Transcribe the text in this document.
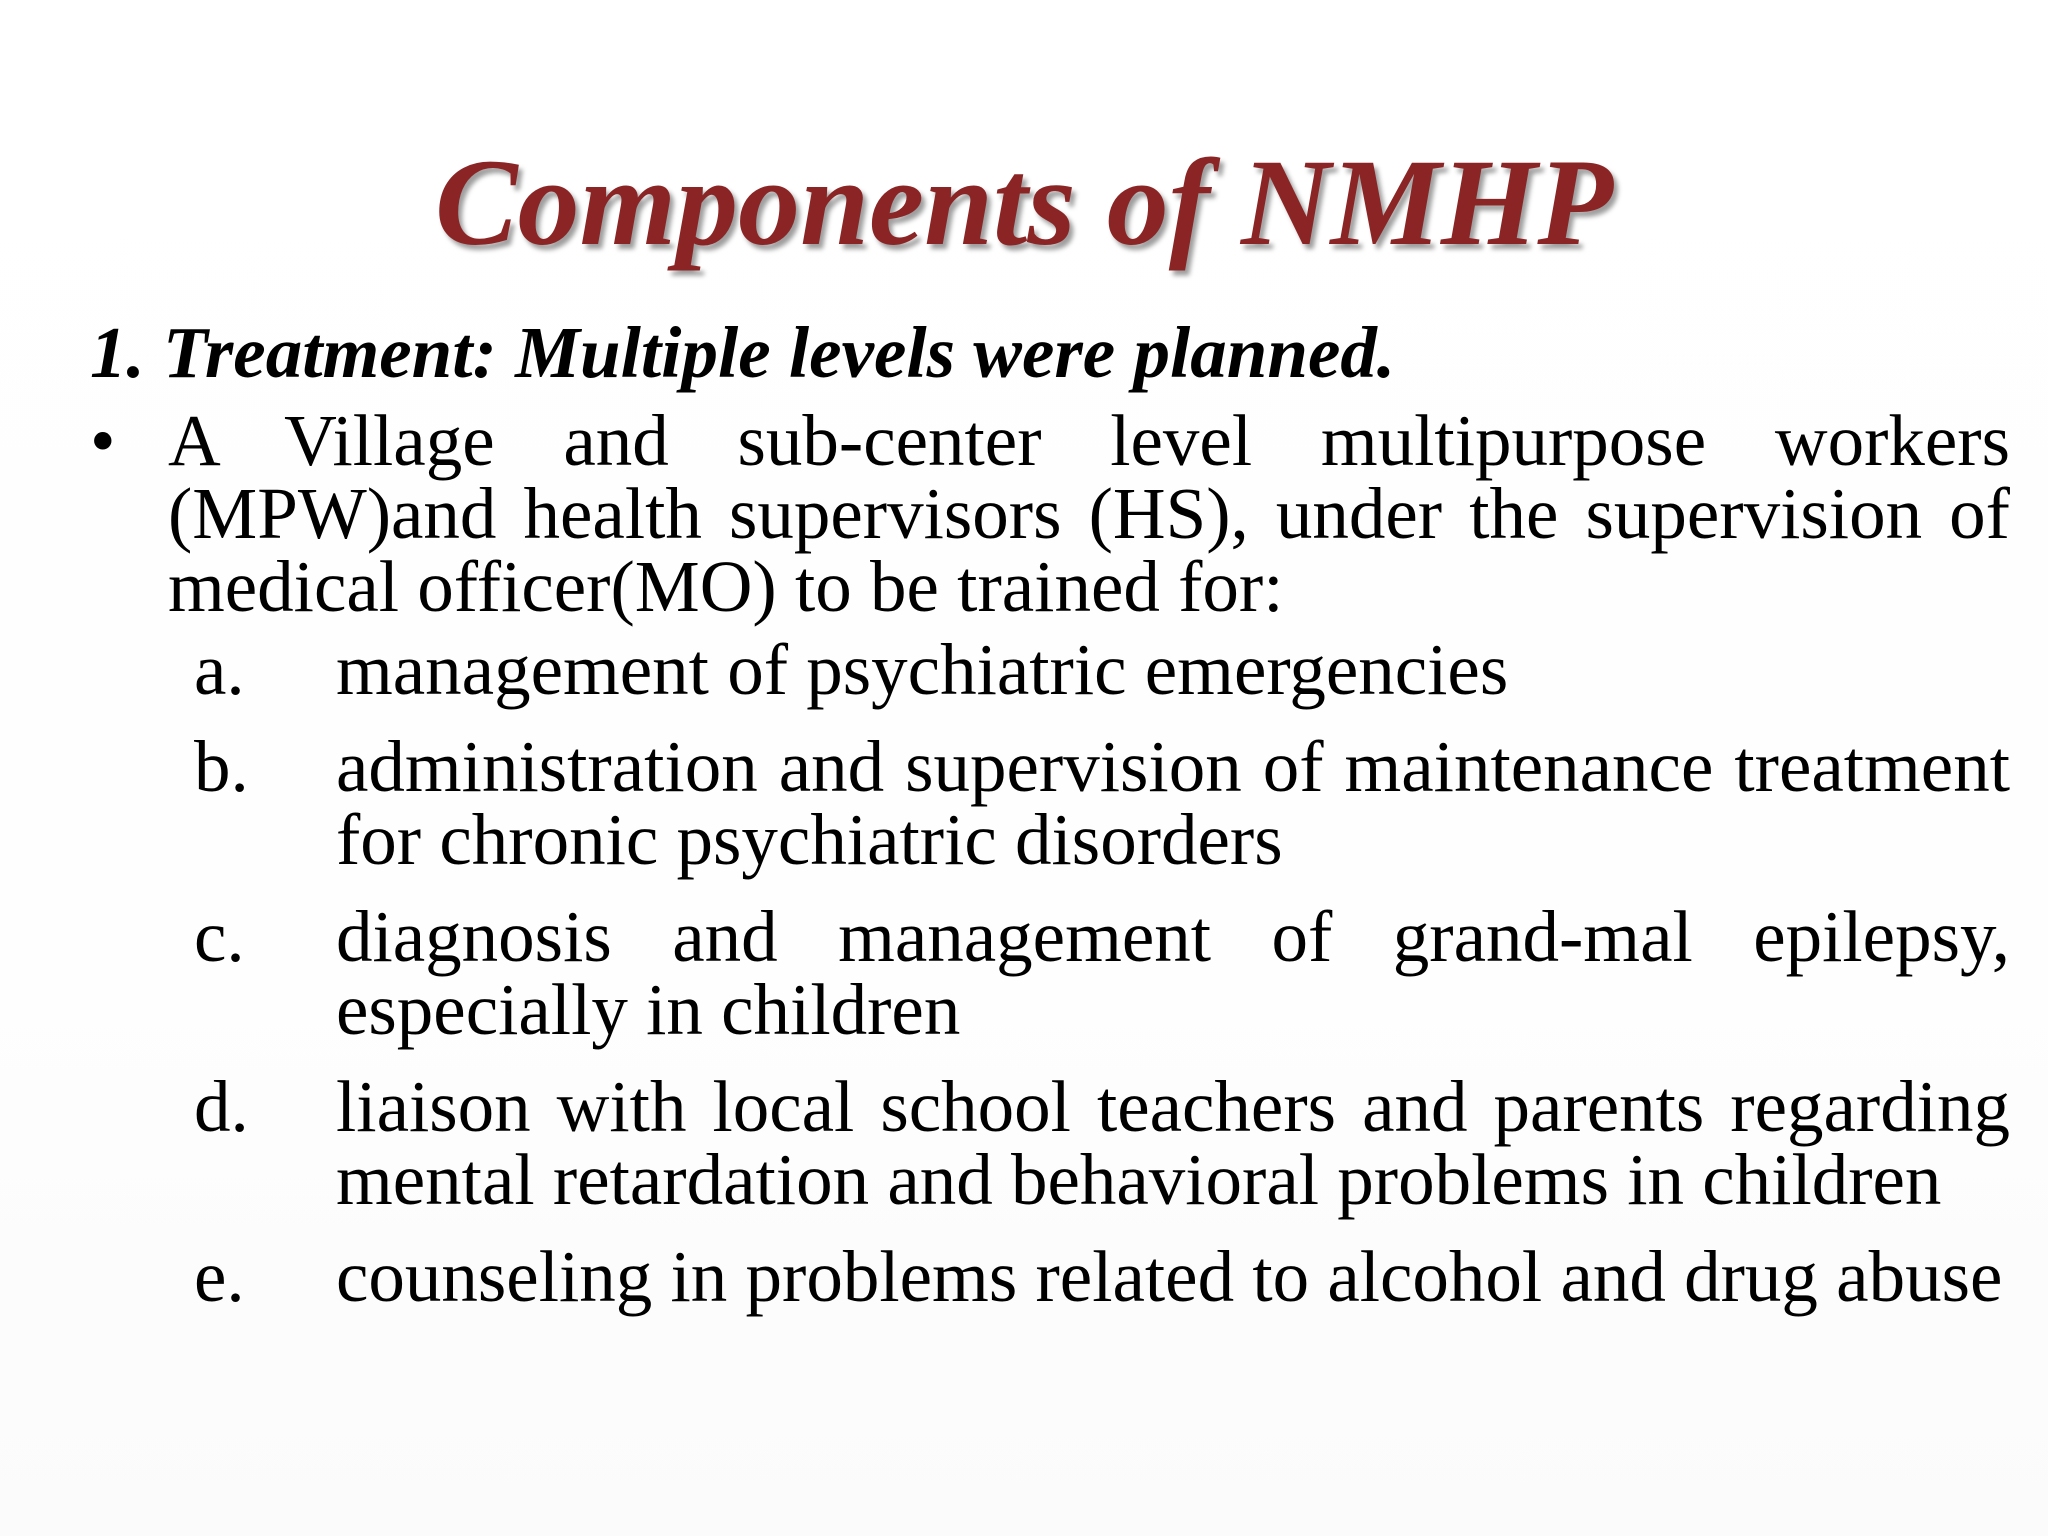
Components of NMHP

1. Treatment: Multiple levels were planned.

• A Village and sub-center level multipurpose workers (MPW)and health supervisors (HS), under the supervision of medical officer(MO) to be trained for:
a. management of psychiatric emergencies
b. administration and supervision of maintenance treatment for chronic psychiatric disorders
c. diagnosis and management of grand-mal epilepsy, especially in children
d. liaison with local school teachers and parents regarding mental retardation and behavioral problems in children
e. counseling in problems related to alcohol and drug abuse
